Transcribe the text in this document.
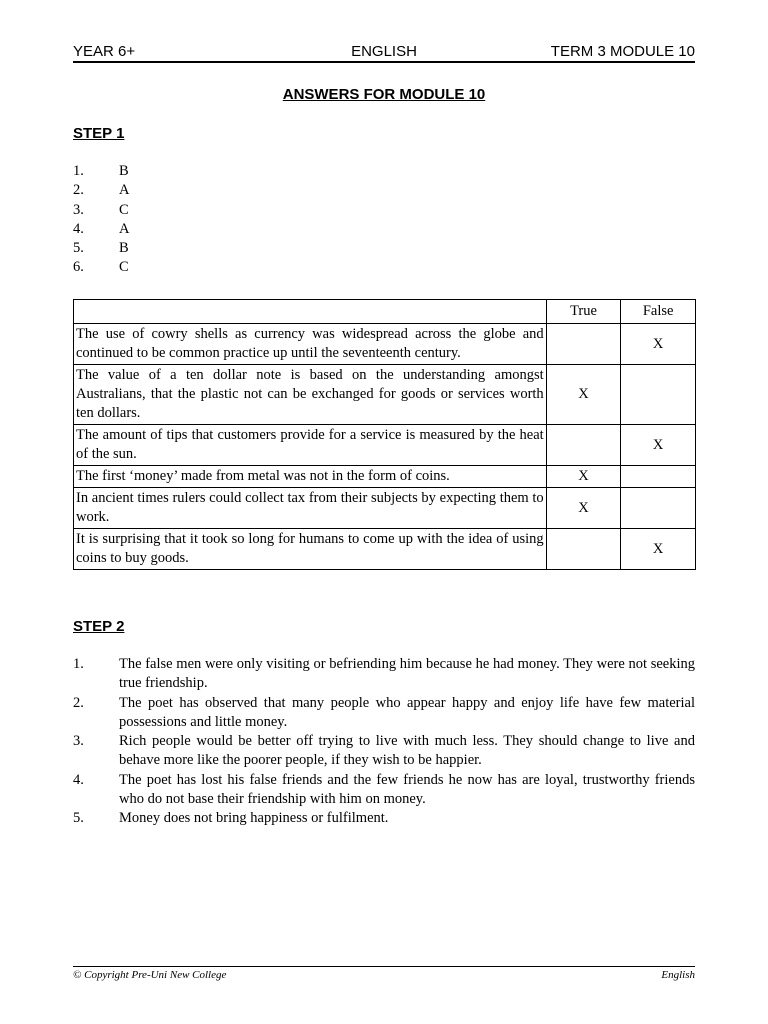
YEAR 6+	ENGLISH	TERM 3 MODULE 10
ANSWERS FOR MODULE 10
STEP 1
1. B
2. A
3. C
4. A
5. B
6. C
	True	False
The use of cowry shells as currency was widespread across the globe and continued to be common practice up until the seventeenth century.		X
The value of a ten dollar note is based on the understanding amongst Australians, that the plastic not can be exchanged for goods or services worth ten dollars.	X	
The amount of tips that customers provide for a service is measured by the heat of the sun.		X
The first ‘money’ made from metal was not in the form of coins.	X	
In ancient times rulers could collect tax from their subjects by expecting them to work.	X	
It is surprising that it took so long for humans to come up with the idea of using coins to buy goods.		X
STEP 2
1. The false men were only visiting or befriending him because he had money. They were not seeking true friendship.
2. The poet has observed that many people who appear happy and enjoy life have few material possessions and little money.
3. Rich people would be better off trying to live with much less. They should change to live and behave more like the poorer people, if they wish to be happier.
4. The poet has lost his false friends and the few friends he now has are loyal, trustworthy friends who do not base their friendship with him on money.
5. Money does not bring happiness or fulfilment.
© Copyright Pre-Uni New College	English
